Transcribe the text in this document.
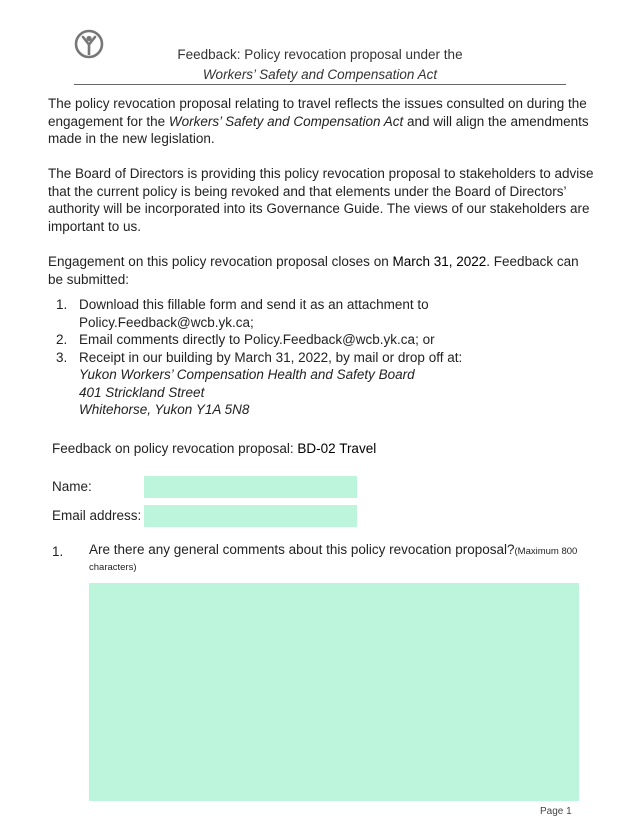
Feedback: Policy revocation proposal under the
Workers’ Safety and Compensation Act

The policy revocation proposal relating to travel reflects the issues consulted on during the engagement for the Workers’ Safety and Compensation Act and will align the amendments made in the new legislation.

The Board of Directors is providing this policy revocation proposal to stakeholders to advise that the current policy is being revoked and that elements under the Board of Directors’ authority will be incorporated into its Governance Guide. The views of our stakeholders are important to us.

Engagement on this policy revocation proposal closes on March 31, 2022. Feedback can be submitted:

1. Download this fillable form and send it as an attachment to Policy.Feedback@wcb.yk.ca;
2. Email comments directly to Policy.Feedback@wcb.yk.ca; or
3. Receipt in our building by March 31, 2022, by mail or drop off at:
Yukon Workers’ Compensation Health and Safety Board
401 Strickland Street
Whitehorse, Yukon Y1A 5N8
Feedback on policy revocation proposal: BD-02 Travel
Name:
Email address:
1. Are there any general comments about this policy revocation proposal?(Maximum 800 characters)
Page 1
